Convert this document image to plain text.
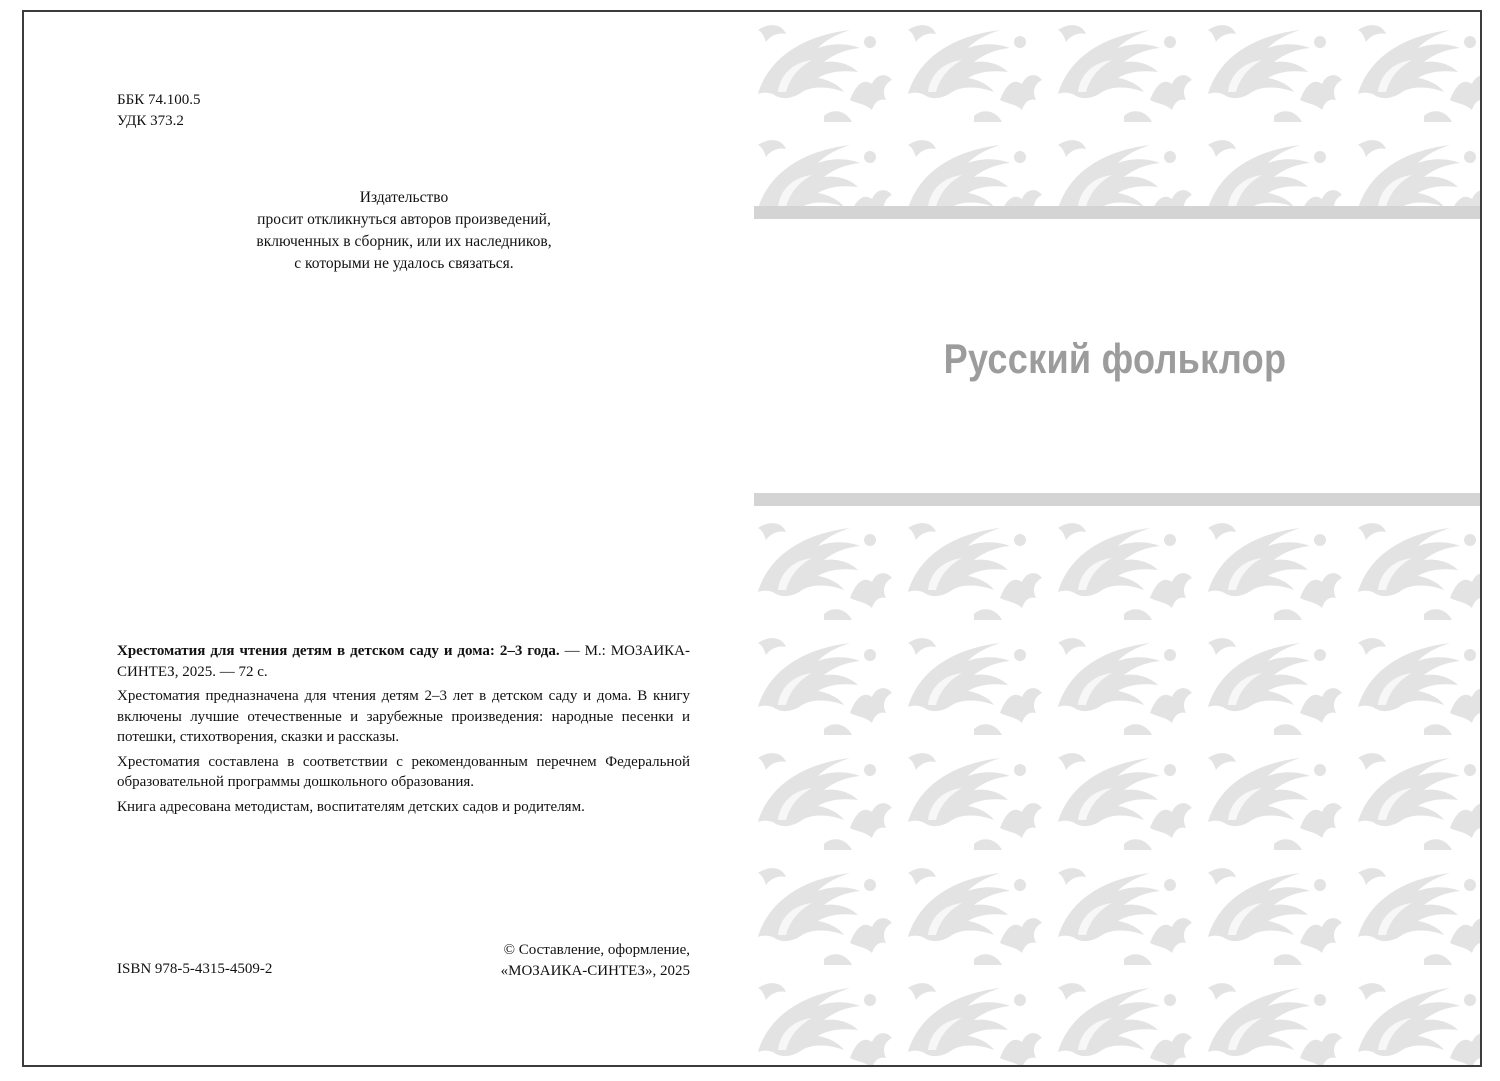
ББК 74.100.5
УДК 373.2
Издательство
просит откликнуться авторов произведений,
включенных в сборник, или их наследников,
с которыми не удалось связаться.

Хрестоматия для чтения детям в детском саду и дома: 2–3 года. — М.: МОЗАИКА-СИНТЕЗ, 2025. — 72 с.

Хрестоматия предназначена для чтения детям 2–3 лет в детском саду и дома. В книгу включены лучшие отечественные и зарубежные произведения: народные песенки и потешки, стихотворения, сказки и рассказы.

Хрестоматия составлена в соответствии с рекомендованным перечнем Федеральной образовательной программы дошкольного образования.

Книга адресована методистам, воспитателям детских садов и родителям.

ISBN 978-5-4315-4509-2
© Составление, оформление,
«МОЗАИКА-СИНТЕЗ», 2025
Русский фольклор
